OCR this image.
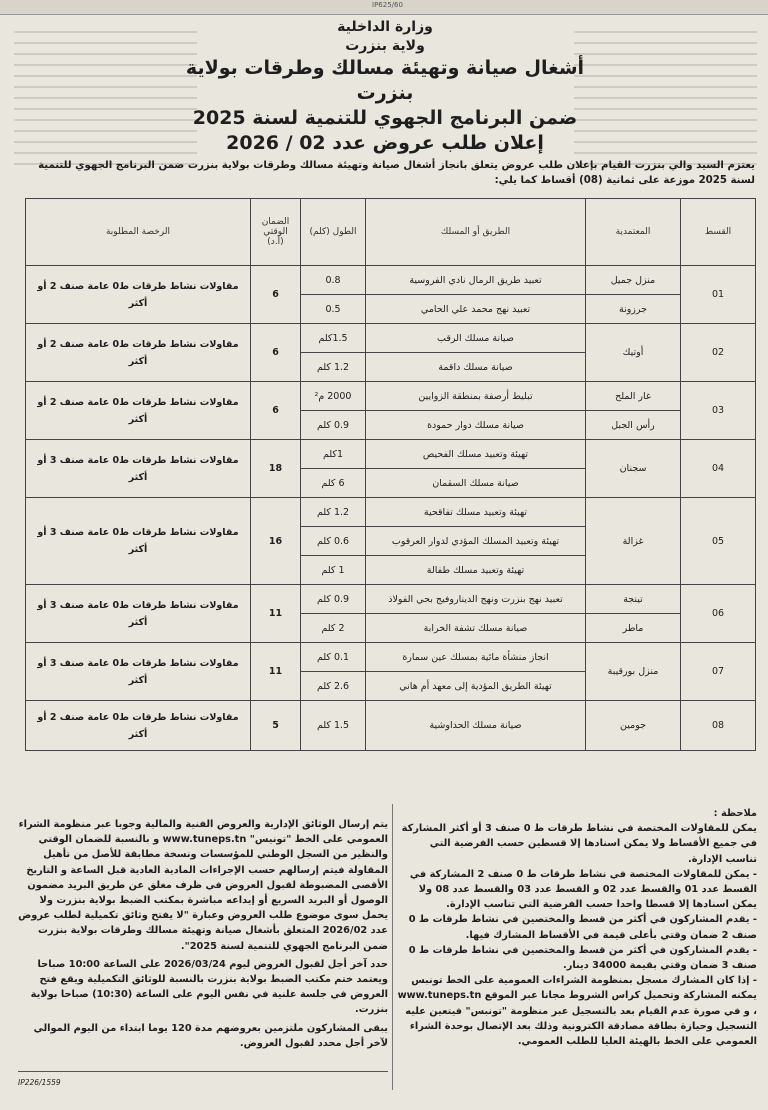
IP625/60
وزارة الداخلية
ولاية بنزرت
أشغال صيانة وتهيئة مسالك وطرقات بولاية بنزرت
ضمن البرنامج الجهوي للتنمية لسنة 2025
إعلان طلب عروض عدد 02 / 2026
يعتزم السيد والي بنزرت القيام بإعلان طلب عروض يتعلق بانجاز أشغال صيانة وتهيئة مسالك وطرقات بولاية بنزرت ضمن البرنامج الجهوي للتنمية لسنة 2025 موزعة على ثمانية (08) أقساط كما يلي:
القسط	المعتمدية	الطريق أو المسلك	الطول (كلم)	الضمان الوقتي (أ.د)	الرخصة المطلوبة
01	منزل جميل	تعبيد طريق الرمال نادي الفروسية	0.8	6	مقاولات نشاط طرقات ط0 عامة صنف 2 أو أكثر
	جرزونة	تعبيد نهج محمد علي الحامي	0.5		
02	أوتيك	صيانة مسلك الرقب	1.5كلم	6	مقاولات نشاط طرقات ط0 عامة صنف 2 أو أكثر
		صيانة مسلك داقمة	1.2 كلم		
03	غار الملح	تبليط أرصفة بمنطقة الزوايين	2000 م²	6	مقاولات نشاط طرقات ط0 عامة صنف 2 أو أكثر
	رأس الجبل	صيانة مسلك دوار حمودة	0.9 كلم		
04	سجنان	تهيئة وتعبيد مسلك الفحيص	1كلم	18	مقاولات نشاط طرقات ط0 عامة صنف 3 أو أكثر
		صيانة مسلك السقمان	6 كلم		
05	غزالة	تهيئة وتعبيد مسلك تفاقحية	1.2 كلم	16	مقاولات نشاط طرقات ط0 عامة صنف 3 أو أكثر
		تهيئة وتعبيد المسلك المؤدي لدوار العرقوب	0.6 كلم		
		تهيئة وتعبيد مسلك طفالة	1 كلم		
06	تينجة	تعبيد نهج بنزرت ونهج الديناروفيج بحي الفولاذ	0.9 كلم	11	مقاولات نشاط طرقات ط0 عامة صنف 3 أو أكثر
	ماطر	صيانة مسلك تشفة الخرابة	2 كلم		
07	منزل بورقيبة	انجاز منشأة مائية بمسلك عين سمارة	0.1 كلم	11	مقاولات نشاط طرقات ط0 عامة صنف 3 أو أكثر
		تهيئة الطريق المؤدية إلى معهد أم هاني	2.6 كلم		
08	جومين	صيانة مسلك الحداوشية	1.5 كلم	5	مقاولات نشاط طرقات ط0 عامة صنف 2 أو أكثر

ملاحظة :

يمكن للمقاولات المختصة في نشاط طرقات ط 0 صنف 3 أو أكثر المشاركة في جميع الأقساط ولا يمكن اسنادها إلا قسطين حسب الفرضية التي تناسب الإدارة.

- يمكن للمقاولات المختصة في نشاط طرقات ط 0 صنف 2 المشاركة في القسط عدد 01 والقسط عدد 02 و القسط عدد 03 والقسط عدد 08 ولا يمكن اسنادها إلا قسطا واحدا حسب الفرضية التي تناسب الإدارة.

- يقدم المشاركون في أكثر من قسط والمختصين في نشاط طرقات ط 0 صنف 2 ضمان وقتي بأعلى قيمة في الأقساط المشارك فيها.

- يقدم المشاركون في أكثر من قسط والمختصين في نشاط طرقات ط 0 صنف 3 ضمان وقتي بقيمة 34000 دينار.

- إذا كان المشارك مسجل بمنظومة الشراءات العمومية على الخط تونبس يمكنه المشاركة وتحميل كراس الشروط مجانا عبر الموقع www.tuneps.tn ، و في صورة عدم القيام بعد بالتسجيل عبر منظومة "تونبس" فيتعين عليه التسجيل وحيازة بطاقة مصادقة الكترونية وذلك بعد الإتصال بوحدة الشراء العمومي على الخط بالهيئة العليا للطلب العمومي.

يتم إرسال الوثائق الإدارية والعروض الفنية والمالية وجوبا عبر منظومة الشراء العمومي على الخط "تونيس" www.tuneps.tn و بالنسبة للضمان الوقتي والنظير من السجل الوطني للمؤسسات ونسخة مطابقة للأصل من تأهيل المقاولة فيتم إرسالهم حسب الإجراءات المادية العادية قبل الساعة و التاريخ الأقصى المضبوطة لقبول العروض في ظرف مغلق عن طريق البريد مضمون الوصول أو البريد السريع أو إيداعه مباشرة بمكتب الضبط بولاية بنزرت ولا يحمل سوى موضوع طلب العروض وعبارة "لا يفتح وثائق تكميلية لطلب عروض عدد 2026/02 المتعلق بأشغال صيانة وتهيئة مسالك وطرقات بولاية بنزرت ضمن البرنامج الجهوي للتنمية لسنة 2025".

حدد آخر أجل لقبول العروض ليوم 2026/03/24 على الساعة 10:00 صباحا ويعتمد ختم مكتب الضبط بولاية بنزرت بالنسبة للوثائق التكميلية ويقع فتح العروض في جلسة علنية في نفس اليوم على الساعة (10:30) صباحا بولاية بنزرت.

يبقى المشاركون ملتزمين بعروضهم مدة 120 يوما ابتداء من اليوم الموالي لآخر أجل محدد لقبول العروض.

IP226/1559
